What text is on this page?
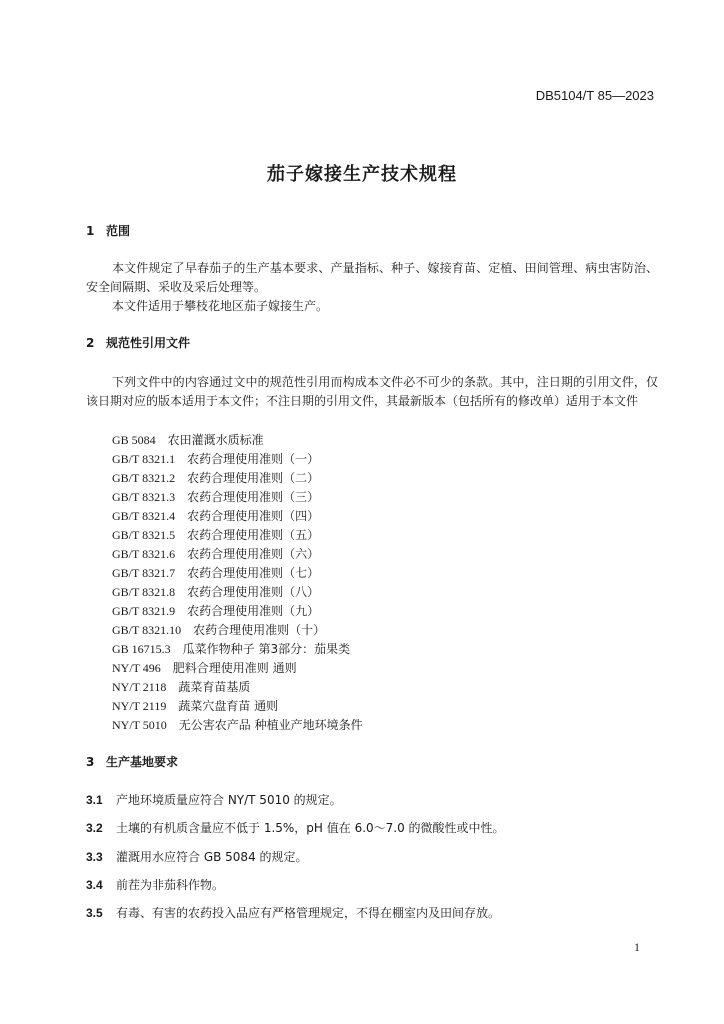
DB5104/T 85—2023
茄子嫁接生产技术规程
1 范围
本文件规定了早春茄子的生产基本要求、产量指标、种子、嫁接育苗、定植、田间管理、病虫害防治、安全间隔期、采收及采后处理等。
本文件适用于攀枝花地区茄子嫁接生产。
2 规范性引用文件
下列文件中的内容通过文中的规范性引用而构成本文件必不可少的条款。其中，注日期的引用文件，仅该日期对应的版本适用于本文件；不注日期的引用文件，其最新版本（包括所有的修改单）适用于本文件
GB 5084 农田灌溉水质标准
GB/T 8321.1 农药合理使用准则（一）
GB/T 8321.2 农药合理使用准则（二）
GB/T 8321.3 农药合理使用准则（三）
GB/T 8321.4 农药合理使用准则（四）
GB/T 8321.5 农药合理使用准则（五）
GB/T 8321.6 农药合理使用准则（六）
GB/T 8321.7 农药合理使用准则（七）
GB/T 8321.8 农药合理使用准则（八）
GB/T 8321.9 农药合理使用准则（九）
GB/T 8321.10 农药合理使用准则（十）
GB 16715.3 瓜菜作物种子 第3部分：茄果类
NY/T 496 肥料合理使用准则 通则
NY/T 2118 蔬菜育苗基质
NY/T 2119 蔬菜穴盘育苗 通则
NY/T 5010 无公害农产品 种植业产地环境条件
3 生产基地要求
3.1 产地环境质量应符合 NY/T 5010 的规定。
3.2 土壤的有机质含量应不低于 1.5%，pH 值在 6.0～7.0 的微酸性或中性。
3.3 灌溉用水应符合 GB 5084 的规定。
3.4 前茬为非茄科作物。
3.5 有毒、有害的农药投入品应有严格管理规定，不得在棚室内及田间存放。
1
